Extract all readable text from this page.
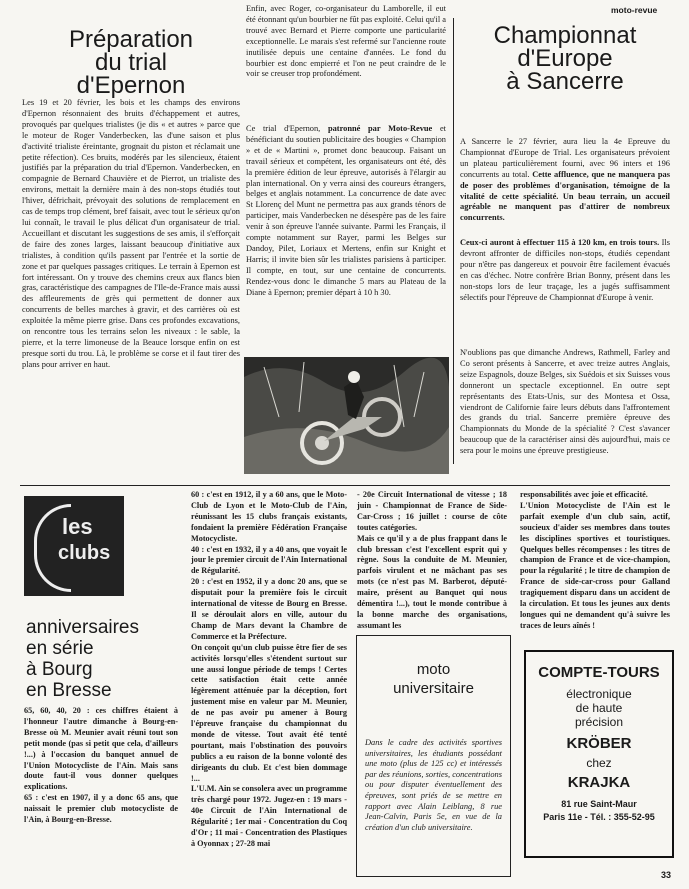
moto-revue
33
Préparation
du trial
d'Epernon
Les 19 et 20 février, les bois et les champs des environs d'Epernon résonnaient des bruits d'échappement et autres, provoqués par quelques trialistes (je dis « et autres » parce que le moteur de Roger Vanderbecken, las d'une saison et plus d'activité trialiste éreintante, grognait du piston et réclamait une petite réfection). Ces bruits, modérés par les silencieux, étaient justifiés par la préparation du trial d'Epernon. Vanderbecken, en compagnie de Bernard Chauvière et de Pierrot, un trialiste des environs, mettait la dernière main à des non-stops étudiés tout l'hiver, défrichait, prévoyait des solutions de remplacement en cas de temps trop clément, bref faisait, avec tout le sérieux qu'on lui connaît, le travail le plus délicat d'un organisateur de trial. Accueillant et discutant les suggestions de ses amis, il s'efforçait de faire des zones larges, laissant beaucoup d'initiative aux trialistes, à condition qu'ils passent par l'entrée et la sortie de zone et par quelques passages critiques. Le terrain à Epernon est fort intéressant. On y trouve des chemins creux aux flancs bien gras, caractéristique des campagnes de l'Ile-de-France mais aussi des affleurements de grès qui permettent de donner aux concurrents de belles marches à gravir, et des carrières où est exploitée la même pierre grise. Dans ces profondes excavations, on rencontre tous les terrains selon les niveaux : le sable, la pierre, et la terre limoneuse de la Beauce lorsque enfin on est presque sorti du trou. Là, le problème se corse et il faut tirer des plans pour arriver en haut.
Enfin, avec Roger, co-organisateur du Lamborelle, il eut été étonnant qu'un bourbier ne fût pas exploité. Celui qu'il a trouvé avec Bernard et Pierre comporte une particularité exceptionnelle. Le marais s'est refermé sur l'ancienne route inutilisée depuis une centaine d'années. Le fond du bourbier est donc empierré et l'on ne peut craindre de le voir se creuser trop profondément.
Ce trial d'Epernon, patronné par Moto-Revue et bénéficiant du soutien publicitaire des bougies « Champion » et de « Martini », promet donc beaucoup. Faisant un travail sérieux et compétent, les organisateurs ont été, dès la première édition de leur épreuve, autorisés à l'élargir au plan international. On y verra ainsi des coureurs étrangers, belges et anglais notamment. La concurrence de date avec St Llorenç del Munt ne permettra pas aux grands ténors de participer, mais Vanderbecken ne désespère pas de les faire venir à son épreuve l'année suivante. Parmi les Français, il compte notamment sur Rayer, parmi les Belges sur Dandoy, Pilet, Loriaux et Mertens, enfin sur Knight et Harris; il invite bien sûr les trialistes parisiens à participer. Il compte, en tout, sur une centaine de concurrents. Rendez-vous donc le dimanche 5 mars au Plateau de la Diane à Epernon; premier départ à 10 h 30.
Championnat
d'Europe
à Sancerre
A Sancerre le 27 février, aura lieu la 4e Epreuve du Championnat d'Europe de Trial. Les organisateurs prévoient un plateau particulièrement fourni, avec 96 inters et 196 concurrents au total. Cette affluence, que ne manquera pas de poser des problèmes d'organisation, témoigne de la vitalité de cette spécialité. Un beau terrain, un accueil agréable ne manquent pas d'attirer de nombreux concurrents.
Ceux-ci auront à effectuer 115 à 120 km, en trois tours. Ils devront affronter de difficiles non-stops, étudiés cependant pour n'être pas dangereux et pouvoir être facilement évacués en cas d'échec. Notre confrère Brian Bonny, présent dans les non-stops lors de leur traçage, les a jugés suffisamment sélectifs pour l'épreuve de Championnat d'Europe à venir.
N'oublions pas que dimanche Andrews, Rathmell, Farley and Co seront présents à Sancerre, et avec treize autres Anglais, seize Espagnols, douze Belges, six Suédois et six Suisses vous donneront un spectacle exceptionnel. En outre sept représentants des Etats-Unis, sur des Montesa et Ossa, viendront de Californie faire leurs débuts dans l'affrontement des grands du trial. Sancerre première épreuve des Championnats du Monde de la spécialité ? C'est s'avancer beaucoup que de la caractériser ainsi dès aujourd'hui, mais ce sera pour le moins une épreuve prestigieuse.
les
clubs
anniversaires
en série
à Bourg
en Bresse
65, 60, 40, 20 : ces chiffres étaient à l'honneur l'autre dimanche à Bourg-en-Bresse où M. Meunier avait réuni tout son petit monde (pas si petit que cela, d'ailleurs !...) à l'occasion du banquet annuel de l'Union Motocycliste de l'Ain. Mais sans doute faut-il vous donner quelques explications.
65 : c'est en 1907, il y a donc 65 ans, que naissait le premier club motocycliste de l'Ain, à Bourg-en-Bresse.
60 : c'est en 1912, il y a 60 ans, que le Moto-Club de Lyon et le Moto-Club de l'Ain, réunissant les 15 clubs français existants, fondaient la première Fédération Française Motocycliste.
40 : c'est en 1932, il y a 40 ans, que voyait le jour le premier circuit de l'Ain International de Régularité.
20 : c'est en 1952, il y a donc 20 ans, que se disputait pour la première fois le circuit international de vitesse de Bourg en Bresse. Il se déroulait alors en ville, autour du Champ de Mars devant la Chambre de Commerce et la Préfecture.
On conçoit qu'un club puisse être fier de ses activités lorsqu'elles s'étendent surtout sur une aussi longue période de temps ! Certes cette satisfaction était cette année légèrement atténuée par la déception, fort justement mise en valeur par M. Meunier, de ne pas avoir pu amener à Bourg l'épreuve française du championnat du monde de vitesse. Tout avait été tenté pourtant, mais l'obstination des pouvoirs publics a eu raison de la bonne volonté des dirigeants du club. Et c'est bien dommage !...
L'U.M. Ain se consolera avec un programme très chargé pour 1972. Jugez-en : 19 mars - 40e Circuit de l'Ain International de Régularité ; 1er mai - Concentration du Coq d'Or ; 11 mai - Concentration des Plastiques à Oyonnax ; 27-28 mai
- 20e Circuit International de vitesse ; 18 juin - Championnat de France de Side-Car-Cross ; 16 juillet : course de côte toutes catégories.
Mais ce qu'il y a de plus frappant dans le club bressan c'est l'excellent esprit qui y règne. Sous la conduite de M. Meunier, parfois virulent et ne mâchant pas ses mots (ce n'est pas M. Barberot, député-maire, présent au Banquet qui nous démentira !...), tout le monde contribue à la bonne marche des organisations, assumant les
responsabilités avec joie et efficacité.
L'Union Motocycliste de l'Ain est le parfait exemple d'un club sain, actif, soucieux d'aider ses membres dans toutes les disciplines sportives et touristiques. Quelques belles récompenses : les titres de champion de France et de vice-champion, pour la régularité ; le titre de champion de France de side-car-cross pour Galland tragiquement disparu dans un accident de la circulation. Et tous les jeunes aux dents longues qui ne demandent qu'à suivre les traces de leurs aînés !
moto
universitaire
Dans le cadre des activités sportives universitaires, les étudiants possédant une moto (plus de 125 cc) et intéressés par des réunions, sorties, concentrations ou pour disputer éventuellement des épreuves, sont priés de se mettre en rapport avec Alain Leiblang, 8 rue Jean-Calvin, Paris 5e, en vue de la création d'un club universitaire.
COMPTE-TOURS
électronique
de haute
précision
KRÖBER
chez
KRAJKA
81 rue Saint-Maur
Paris 11e - Tél. : 355-52-95
